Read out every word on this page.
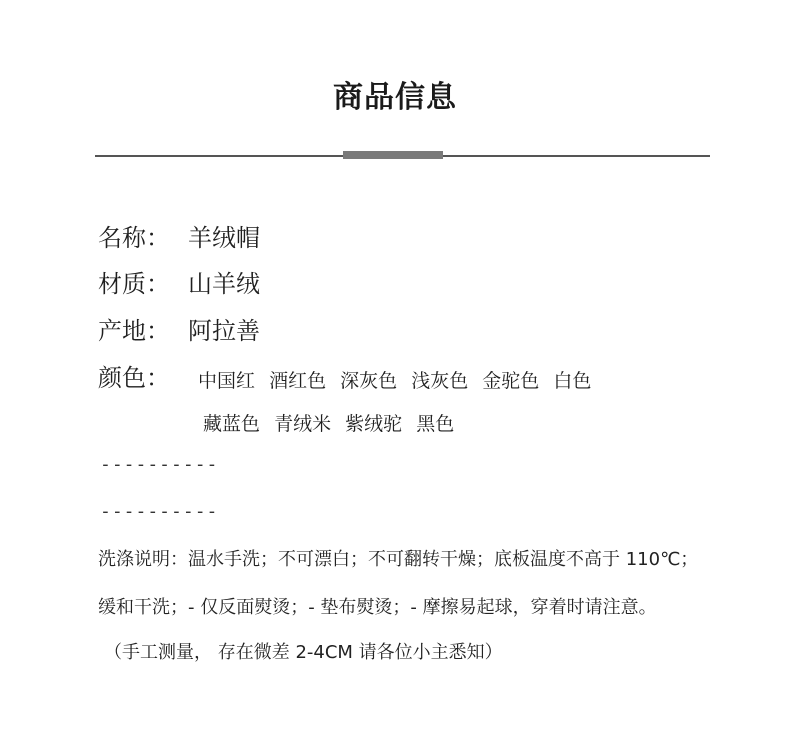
商品信息
名称： 羊绒帽
材质： 山羊绒
产地： 阿拉善
颜色：	中国红 酒红色 深灰色 浅灰色 金驼色 白色
藏蓝色 青绒米 紫绒驼 黑色
----------
----------
洗涤说明：温水手洗；不可漂白；不可翻转干燥；底板温度不高于 110℃；
缓和干洗；- 仅反面熨烫；- 垫布熨烫；- 摩擦易起球，穿着时请注意。
（手工测量， 存在微差 2-4CM 请各位小主悉知）
